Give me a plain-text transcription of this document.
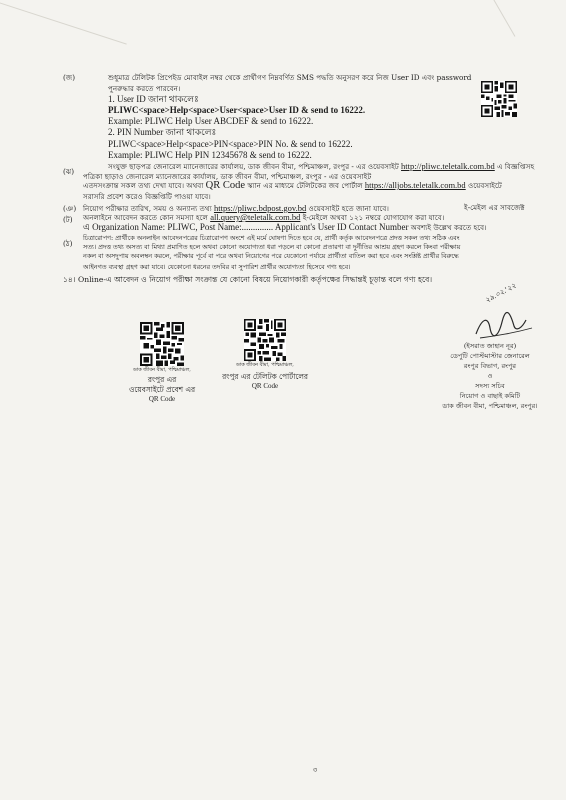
(জ)	শুধুমাত্র টেলিটক প্রিপেইড মোবাইল নম্বর থেকে প্রার্থীগণ নিম্নবর্ণিত SMS পদ্ধতি অনুসরণ করে নিজ User ID এবং password
পুনরুদ্ধার করতে পারবেন।
1. User ID জানা থাকলেঃ
PLIWC<space>Help<space>User<space>User ID & send to 16222.
Example: PLIWC Help User ABCDEF & send to 16222.
2. PIN Number জানা থাকলেঃ
PLIWC<space>Help<space>PIN<space>PIN No. & send to 16222.
Example: PLIWC Help PIN 12345678 & send to 16222.
(ঝ)
সংযুক্ত ছাড়পত্র জেনারেল ম্যানেজারের কার্যালয়, ডাক জীবন বীমা, পশ্চিমাঞ্চল, রংপুর - এর ওয়েবসাইট http://pliwc.teletalk.com.bd এ বিজ্ঞপ্তিসহ
পত্রিকা ছাড়াও জেনারেল ম্যানেজারের কার্যালয়, ডাক জীবন বীমা, পশ্চিমাঞ্চল, রংপুর - এর ওয়েবসাইট
এতদসংক্রান্ত সকল তথ্য দেখা যাবে। অথবা QR Code স্ক্যান এর মাধ্যমে টেলিটকের জব পোর্টাল https://alljobs.teletalk.com.bd ওয়েবসাইটে
সরাসরি প্রবেশ করেও বিজ্ঞপ্তিটি পাওয়া যাবে।
(ঞ) নিয়োগ পরীক্ষার তারিখ, সময় ও অন্যান্য তথ্য https://pliwc.bdpost.gov.bd ওয়েবসাইট হতে জানা যাবে।	ই-মেইল এর সাবজেক্ট
(ট) অনলাইনে আবেদন করতে কোন সমস্যা হলে all.query@teletalk.com.bd ই-মেইলে অথবা ১২১ নম্বরে যোগাযোগ করা যাবে।
এ Organization Name: PLIWC, Post Name:.............. Applicant's User ID Contact Number অবশ্যই উল্লেখ করতে হবে।
(ঠ)
চিত্রারোপণ: প্রার্থীকে অনলাইন আবেদনপত্রের চিত্রারোপণ অংশে এই মর্মে ঘোষণা দিতে হবে যে, প্রার্থী কর্তৃক আবেদনপত্রে প্রদত্ত সকল তথ্য সঠিক এবং
সত্য। প্রদত্ত তথ্য অসত্য বা মিথ্যা প্রমাণিত হলে অথবা কোনো অযোগ্যতা ধরা পড়লে বা কোনো প্রতারণা বা দুর্নীতির আশ্রয় গ্রহণ করলে কিংবা পরীক্ষায়
নকল বা অসদুপায় অবলম্বন করলে, পরীক্ষার পূর্বে বা পরে অথবা নিয়োগের পরে যেকোনো পর্যায়ে প্রার্থীতা বাতিল করা হবে এবং সংশ্লিষ্ট প্রার্থীর বিরুদ্ধে
আইনগত ব্যবস্থা গ্রহণ করা যাবে। যেকোনো ধরনের তদবির বা সুপারিশ প্রার্থীর অযোগ্যতা হিসেবে গণ্য হবে।
১৪। Online-এ আবেদন ও নিয়োগ পরীক্ষা সংক্রান্ত যে কোনো বিষয়ে নিয়োগকারী কর্তৃপক্ষের সিদ্ধান্তই চূড়ান্ত বলে গণ্য হবে।
ডাক জীবন বীমা, পশ্চিমাঞ্চল,
রংপুর এর
ওয়েবসাইটে প্রবেশ এর
QR Code
ডাক জীবন বীমা, পশ্চিমাঞ্চল,
রংপুর এর টেলিটক পোর্টালের
QR Code
২৯.০২.'২২
(ইসরাত জাহান নূর)
ডেপুটি পোস্টমাস্টার জেনারেল
রংপুর বিভাগ, রংপুর
ও
সদস্য সচিব
নিয়োগ ও বাছাই কমিটি
ডাক জীবন বীমা, পশ্চিমাঞ্চল, রংপুর।
৩
